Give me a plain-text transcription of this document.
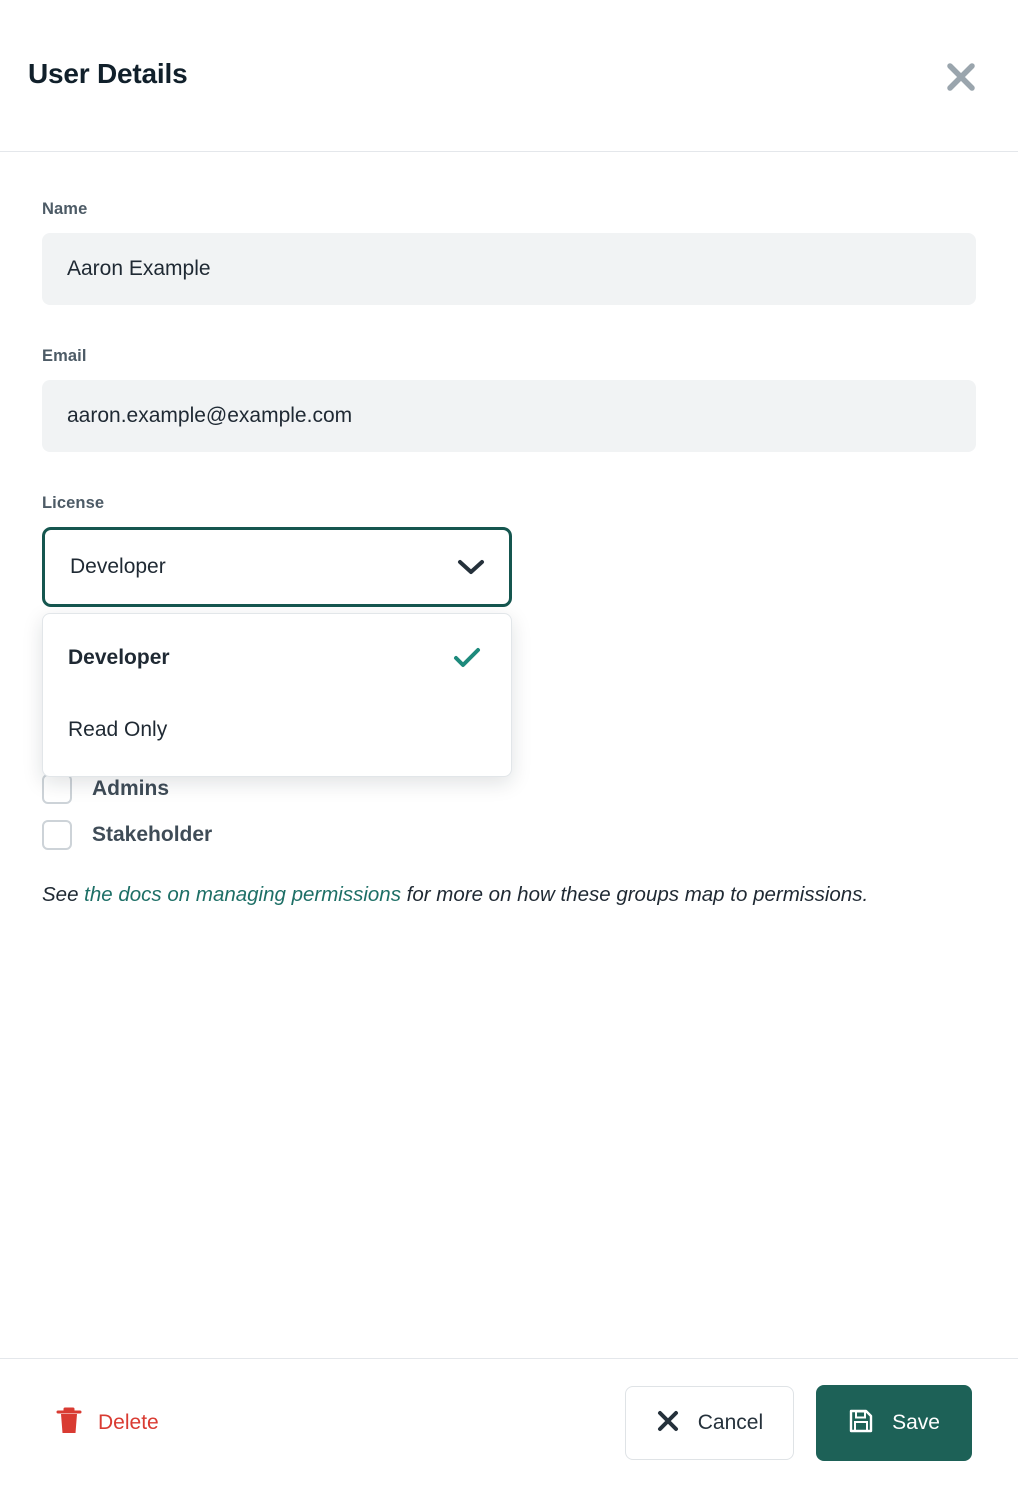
User Details
Name
Aaron Example
Email
aaron.example@example.com
License
Developer
Developer
Read Only
Admins
Stakeholder
See the docs on managing permissions for more on how these groups map to permissions.
Delete	Cancel	Save
